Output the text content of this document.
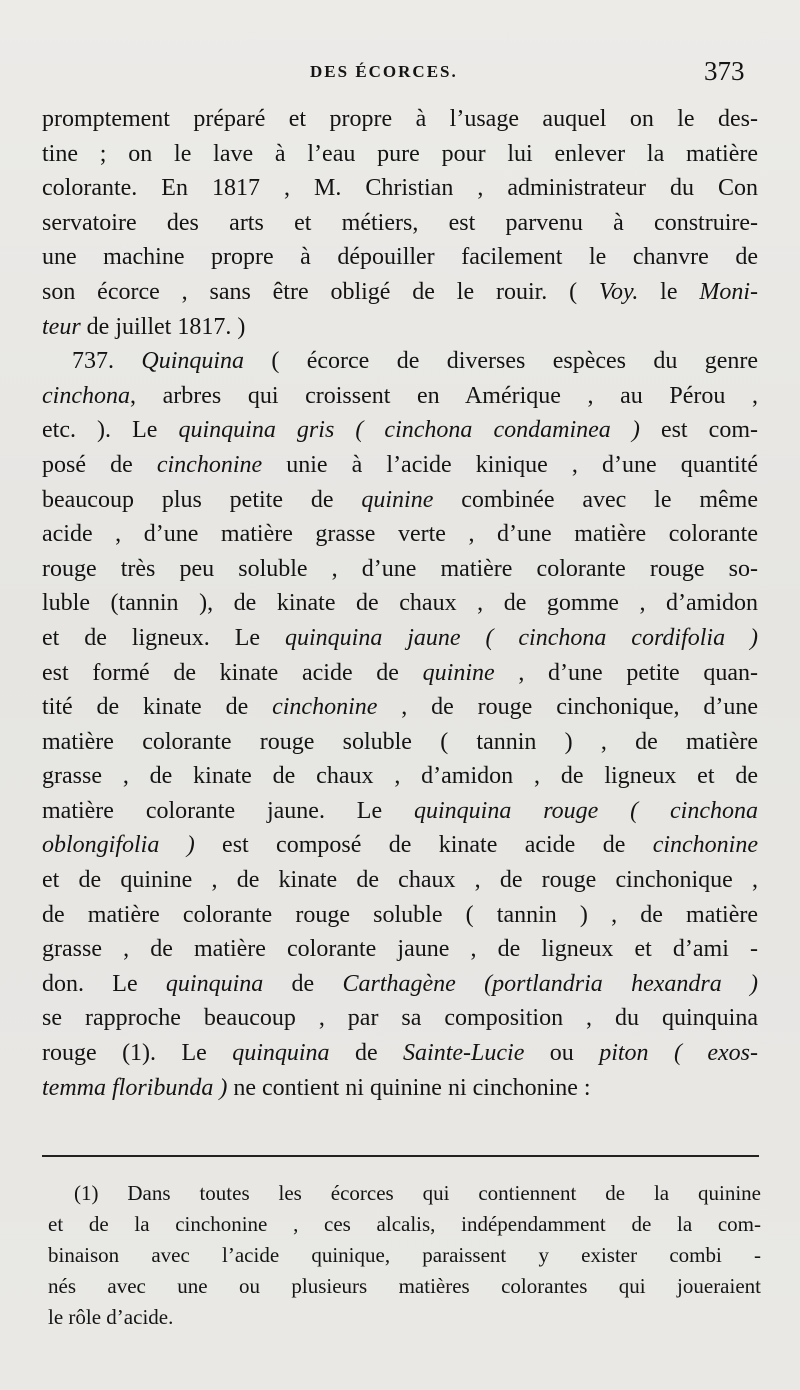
DES ÉCORCES.	373
promptement préparé et propre à l’usage auquel on le des-
tine ; on le lave à l’eau pure pour lui enlever la matière
colorante. En 1817 , M. Christian , administrateur du Con
servatoire des arts et métiers, est parvenu à construire-
une machine propre à dépouiller facilement le chanvre de
son écorce , sans être obligé de le rouir. ( Voy. le Moni-
teur de juillet 1817. )
737. Quinquina ( écorce de diverses espèces du genre
cinchona, arbres qui croissent en Amérique , au Pérou ,
etc. ). Le quinquina gris ( cinchona condaminea ) est com-
posé de cinchonine unie à l’acide kinique , d’une quantité
beaucoup plus petite de quinine combinée avec le même
acide , d’une matière grasse verte , d’une matière colorante
rouge très peu soluble , d’une matière colorante rouge so-
luble (tannin ), de kinate de chaux , de gomme , d’amidon
et de ligneux. Le quinquina jaune ( cinchona cordifolia )
est formé de kinate acide de quinine , d’une petite quan-
tité de kinate de cinchonine , de rouge cinchonique, d’une
matière colorante rouge soluble ( tannin ) , de matière
grasse , de kinate de chaux , d’amidon , de ligneux et de
matière colorante jaune. Le quinquina rouge ( cinchona
oblongifolia ) est composé de kinate acide de cinchonine
et de quinine , de kinate de chaux , de rouge cinchonique ,
de matière colorante rouge soluble ( tannin ) , de matière
grasse , de matière colorante jaune , de ligneux et d’ami -
don. Le quinquina de Carthagène (portlandria hexandra )
se rapproche beaucoup , par sa composition , du quinquina
rouge (1). Le quinquina de Sainte-Lucie ou piton ( exos-
temma floribunda ) ne contient ni quinine ni cinchonine :
(1) Dans toutes les écorces qui contiennent de la quinine
et de la cinchonine , ces alcalis, indépendamment de la com-
binaison avec l’acide quinique, paraissent y exister combi -
nés avec une ou plusieurs matières colorantes qui joueraient
le rôle d’acide.
